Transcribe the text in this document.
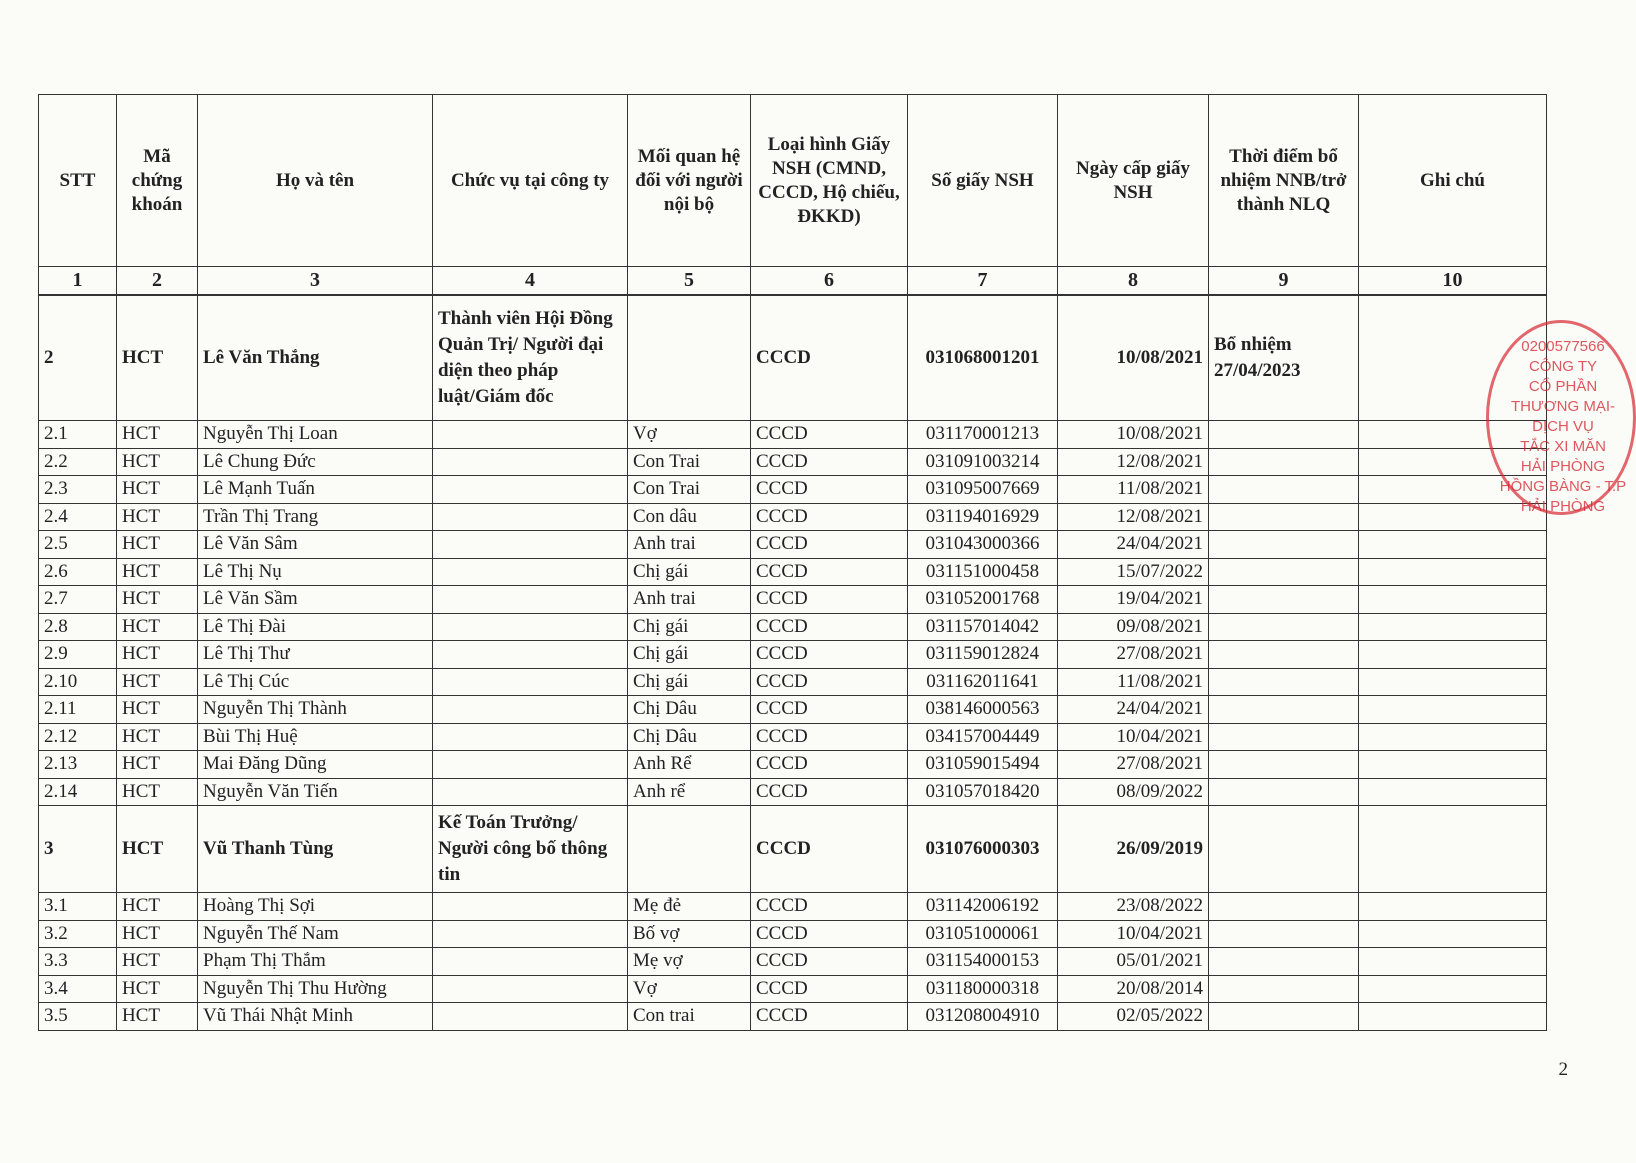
STT	Mã chứng khoán	Họ và tên	Chức vụ tại công ty	Mối quan hệ đối với người nội bộ	Loại hình Giấy NSH (CMND, CCCD, Hộ chiếu, ĐKKD)	Số giấy NSH	Ngày cấp giấy NSH	Thời điểm bổ nhiệm NNB/trở thành NLQ	Ghi chú
1	2	3	4	5	6	7	8	9	10
2	HCT	Lê Văn Thắng	Thành viên Hội Đồng Quản Trị/ Người đại diện theo pháp luật/Giám đốc		CCCD	031068001201	10/08/2021	Bổ nhiệm 27/04/2023	
2.1	HCT	Nguyễn Thị Loan		Vợ	CCCD	031170001213	10/08/2021		
2.2	HCT	Lê Chung Đức		Con Trai	CCCD	031091003214	12/08/2021		
2.3	HCT	Lê Mạnh Tuấn		Con Trai	CCCD	031095007669	11/08/2021		
2.4	HCT	Trần Thị Trang		Con dâu	CCCD	031194016929	12/08/2021		
2.5	HCT	Lê Văn Sâm		Anh trai	CCCD	031043000366	24/04/2021		
2.6	HCT	Lê Thị Nụ		Chị gái	CCCD	031151000458	15/07/2022		
2.7	HCT	Lê Văn Sầm		Anh trai	CCCD	031052001768	19/04/2021		
2.8	HCT	Lê Thị Đài		Chị gái	CCCD	031157014042	09/08/2021		
2.9	HCT	Lê Thị Thư		Chị gái	CCCD	031159012824	27/08/2021		
2.10	HCT	Lê Thị Cúc		Chị gái	CCCD	031162011641	11/08/2021		
2.11	HCT	Nguyễn Thị Thành		Chị Dâu	CCCD	038146000563	24/04/2021		
2.12	HCT	Bùi Thị Huệ		Chị Dâu	CCCD	034157004449	10/04/2021		
2.13	HCT	Mai Đăng Dũng		Anh Rể	CCCD	031059015494	27/08/2021		
2.14	HCT	Nguyễn Văn Tiến		Anh rể	CCCD	031057018420	08/09/2022		
3	HCT	Vũ Thanh Tùng	Kế Toán Trưởng/ Người công bố thông tin		CCCD	031076000303	26/09/2019		
3.1	HCT	Hoàng Thị Sợi		Mẹ đẻ	CCCD	031142006192	23/08/2022		
3.2	HCT	Nguyễn Thế Nam		Bố vợ	CCCD	031051000061	10/04/2021		
3.3	HCT	Phạm Thị Thắm		Mẹ vợ	CCCD	031154000153	05/01/2021		
3.4	HCT	Nguyễn Thị Thu Hường		Vợ	CCCD	031180000318	20/08/2014		
3.5	HCT	Vũ Thái Nhật Minh		Con trai	CCCD	031208004910	02/05/2022		
0200577566
CÔNG TY
CỔ PHẦN
THƯƠNG MẠI-DỊCH VỤ
TẮC XI MĂN
HẢI PHÒNG
HỒNG BÀNG - T.P HẢI PHÒNG
2
